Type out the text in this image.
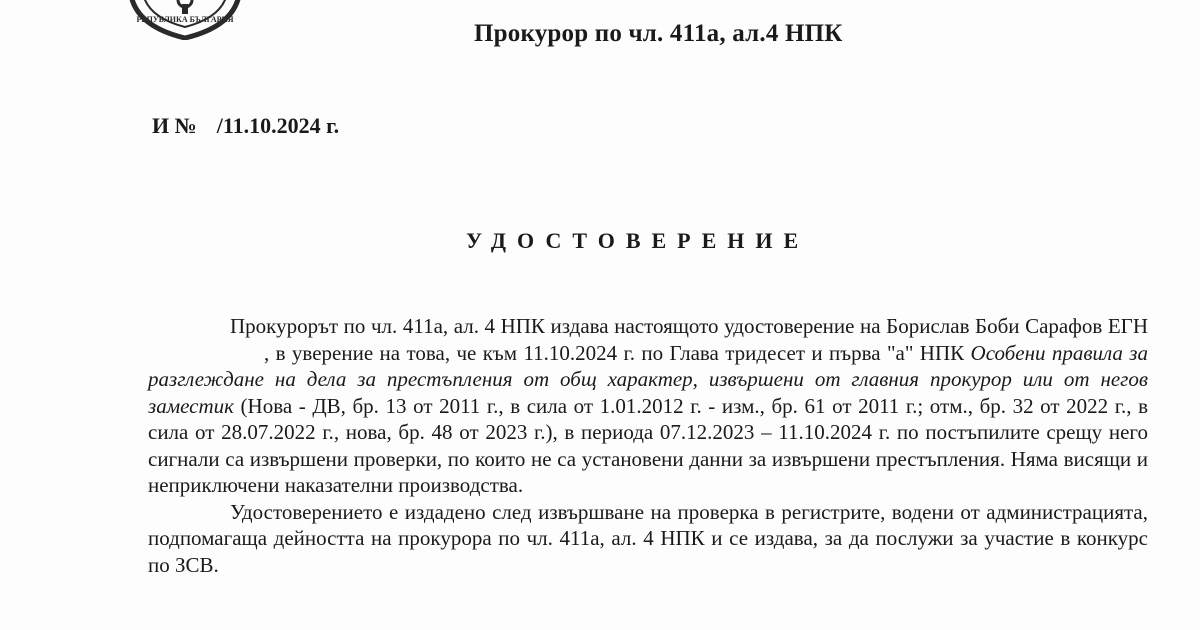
РЕПУБЛИКА БЪЛГАРИЯ
Прокурор по чл. 411а, ал.4 НПК
И № /11.10.2024 г.
УДОСТОВЕРЕНИЕ

Прокурорът по чл. 411а, ал. 4 НПК издава настоящото удостоверение на Борислав Боби Сарафов ЕГН, в уверение на това, че към 11.10.2024 г. по Глава тридесет и първа "а" НПК Особени правила за разглеждане на дела за престъпления от общ характер, извършени от главния прокурор или от негов заместик (Нова - ДВ, бр. 13 от 2011 г., в сила от 1.01.2012 г. - изм., бр. 61 от 2011 г.; отм., бр. 32 от 2022 г., в сила от 28.07.2022 г., нова, бр. 48 от 2023 г.), в периода 07.12.2023 – 11.10.2024 г. по постъпилите срещу него сигнали са извършени проверки, по които не са установени данни за извършени престъпления. Няма висящи и неприключени наказателни производства.

Удостоверението е издадено след извършване на проверка в регистрите, водени от администрацията, подпомагаща дейността на прокурора по чл. 411а, ал. 4 НПК и се издава, за да послужи за участие в конкурс по ЗСВ.
